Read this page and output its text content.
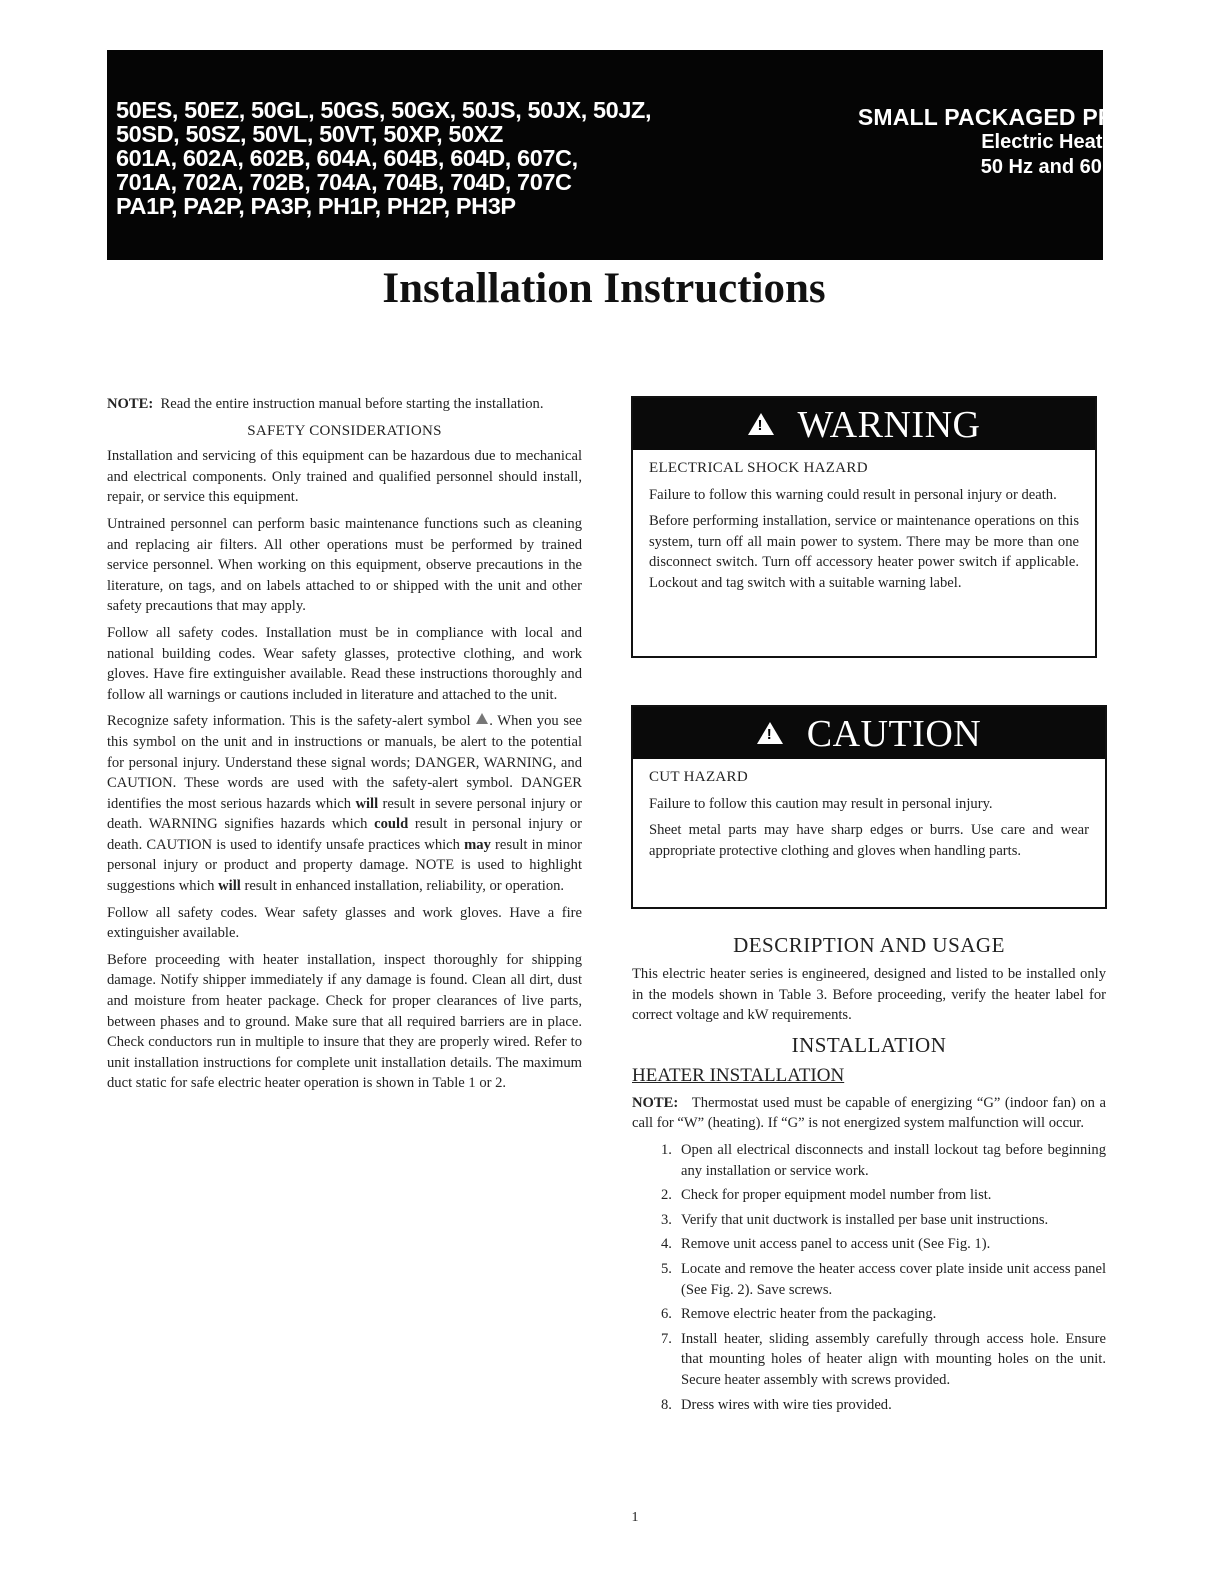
50ES, 50EZ, 50GL, 50GS, 50GX, 50JS, 50JX, 50JZ,
50SD, 50SZ, 50VL, 50VT, 50XP, 50XZ
601A, 602A, 602B, 604A, 604B, 604D, 607C,
701A, 702A, 702B, 704A, 704B, 704D, 707C
PA1P, PA2P, PA3P, PH1P, PH2P, PH3P
SMALL PACKAGED PRODUCTS
Electric Heaters 5−20kW
50 Hz and 60 Hz Product
Installation Instructions

NOTE: Read the entire instruction manual before starting the installation.

SAFETY CONSIDERATIONS

Installation and servicing of this equipment can be hazardous due to mechanical and electrical components. Only trained and qualified personnel should install, repair, or service this equipment.

Untrained personnel can perform basic maintenance functions such as cleaning and replacing air filters. All other operations must be performed by trained service personnel. When working on this equipment, observe precautions in the literature, on tags, and on labels attached to or shipped with the unit and other safety precautions that may apply.

Follow all safety codes. Installation must be in compliance with local and national building codes. Wear safety glasses, protective clothing, and work gloves. Have fire extinguisher available. Read these instructions thoroughly and follow all warnings or cautions included in literature and attached to the unit.

Recognize safety information. This is the safety-alert symbol . When you see this symbol on the unit and in instructions or manuals, be alert to the potential for personal injury. Understand these signal words; DANGER, WARNING, and CAUTION. These words are used with the safety-alert symbol. DANGER identifies the most serious hazards which will result in severe personal injury or death. WARNING signifies hazards which could result in personal injury or death. CAUTION is used to identify unsafe practices which may result in minor personal injury or product and property damage. NOTE is used to highlight suggestions which will result in enhanced installation, reliability, or operation.

Follow all safety codes. Wear safety glasses and work gloves. Have a fire extinguisher available.

Before proceeding with heater installation, inspect thoroughly for shipping damage. Notify shipper immediately if any damage is found. Clean all dirt, dust and moisture from heater package. Check for proper clearances of live parts, between phases and to ground. Make sure that all required barriers are in place. Check conductors run in multiple to insure that they are properly wired. Refer to unit installation instructions for complete unit installation details. The maximum duct static for safe electric heater operation is shown in Table 1 or 2.

! WARNING
ELECTRICAL SHOCK HAZARD

Failure to follow this warning could result in personal injury or death.

Before performing installation, service or maintenance operations on this system, turn off all main power to system. There may be more than one disconnect switch. Turn off accessory heater power switch if applicable. Lockout and tag switch with a suitable warning label.

! CAUTION
CUT HAZARD

Failure to follow this caution may result in personal injury.

Sheet metal parts may have sharp edges or burrs. Use care and wear appropriate protective clothing and gloves when handling parts.

DESCRIPTION AND USAGE

This electric heater series is engineered, designed and listed to be installed only in the models shown in Table 3. Before proceeding, verify the heater label for correct voltage and kW requirements.

INSTALLATION
HEATER INSTALLATION

NOTE: Thermostat used must be capable of energizing “G” (indoor fan) on a call for “W” (heating). If “G” is not energized system malfunction will occur.

1. Open all electrical disconnects and install lockout tag before beginning any installation or service work.
2. Check for proper equipment model number from list.
3. Verify that unit ductwork is installed per base unit instructions.
4. Remove unit access panel to access unit (See Fig. 1).
5. Locate and remove the heater access cover plate inside unit access panel (See Fig. 2). Save screws.
6. Remove electric heater from the packaging.
7. Install heater, sliding assembly carefully through access hole. Ensure that mounting holes of heater align with mounting holes on the unit. Secure heater assembly with screws provided.
8. Dress wires with wire ties provided.
1
